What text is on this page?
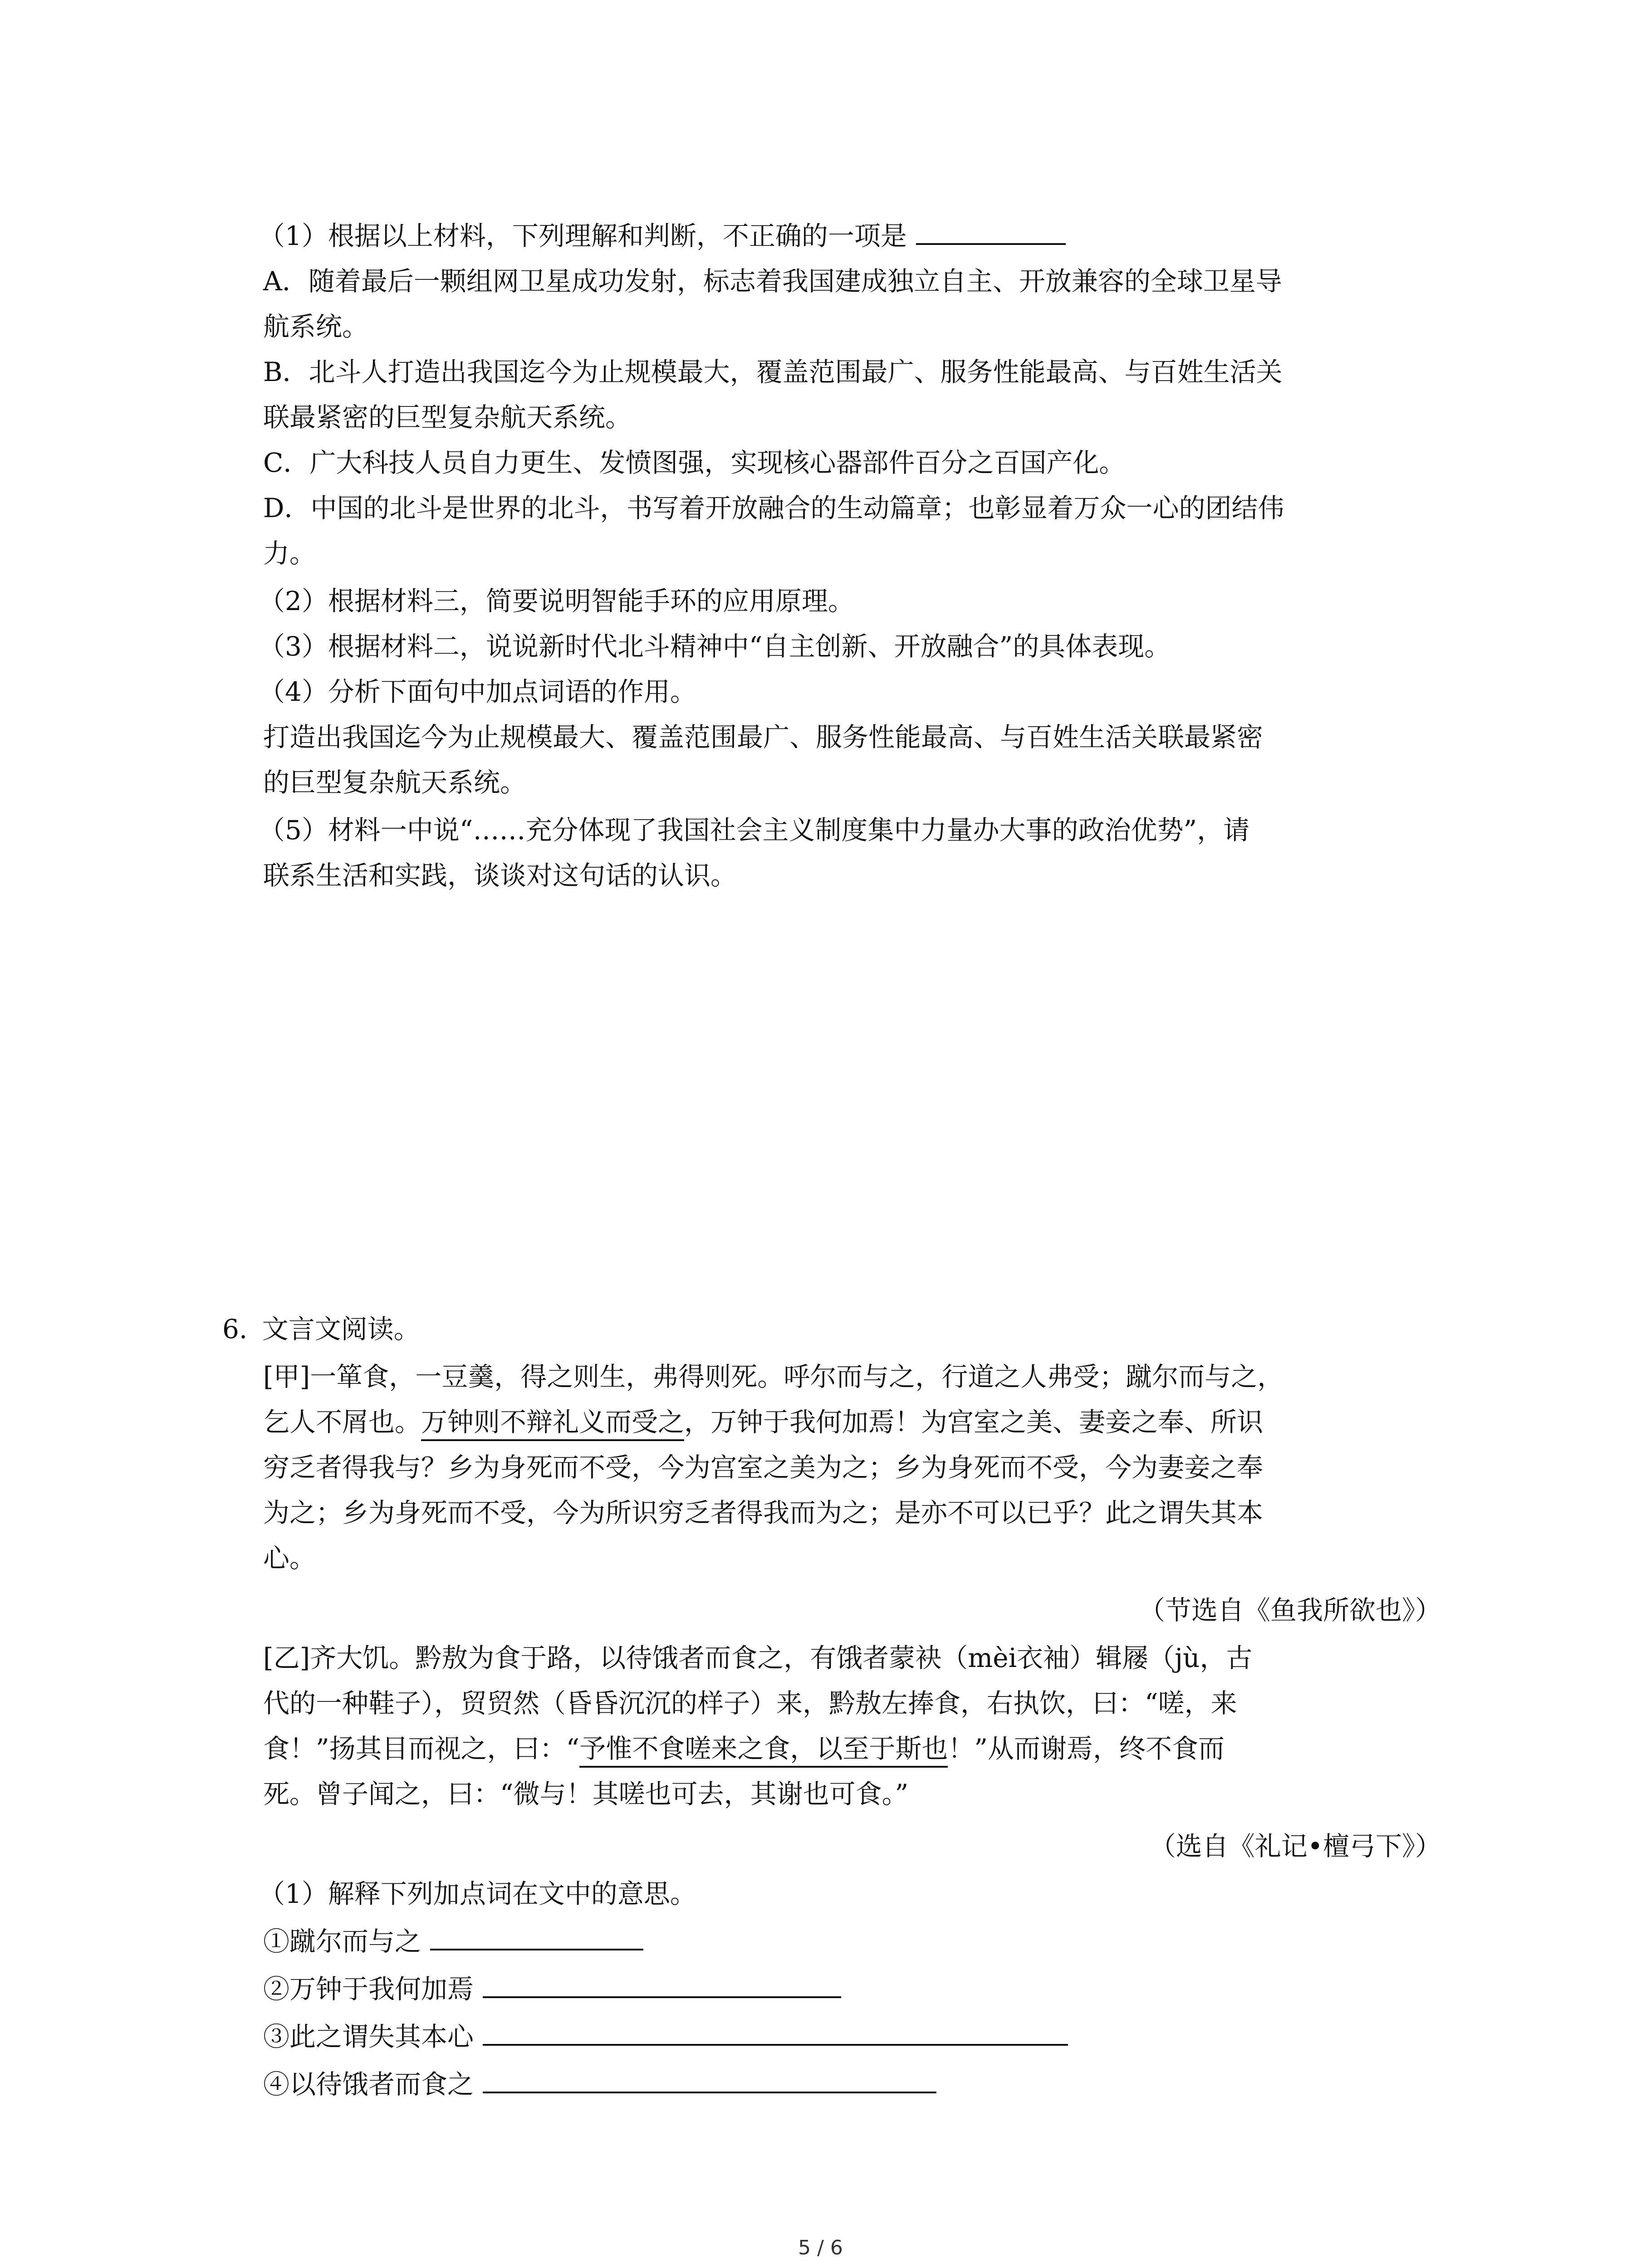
（1）根据以上材料，下列理解和判断，不正确的一项是
A．随着最后一颗组网卫星成功发射，标志着我国建成独立自主、开放兼容的全球卫星导
航系统。
B．北斗人打造出我国迄今为止规模最大，覆盖范围最广、服务性能最高、与百姓生活关
联最紧密的巨型复杂航天系统。
C．广大科技人员自力更生、发愤图强，实现核心器部件百分之百国产化。
D．中国的北斗是世界的北斗，书写着开放融合的生动篇章；也彰显着万众一心的团结伟
力。
（2）根据材料三，简要说明智能手环的应用原理。
（3）根据材料二，说说新时代北斗精神中“自主创新、开放融合”的具体表现。
（4）分析下面句中加点词语的作用。
打造出我国迄今为止规模最大、覆盖范围最广、服务性能最高、与百姓生活关联最紧密
的巨型复杂航天系统。
（5）材料一中说“……充分体现了我国社会主义制度集中力量办大事的政治优势”，请
联系生活和实践，谈谈对这句话的认识。
6. 文言文阅读。
[甲]一箪食，一豆羹，得之则生，弗得则死。呼尔而与之，行道之人弗受；蹴尔而与之，
乞人不屑也。万钟则不辩礼义而受之，万钟于我何加焉！为宫室之美、妻妾之奉、所识
穷乏者得我与？乡为身死而不受，今为宫室之美为之；乡为身死而不受，今为妻妾之奉
为之；乡为身死而不受，今为所识穷乏者得我而为之；是亦不可以已乎？此之谓失其本
心。
（节选自《鱼我所欲也》）
[乙]齐大饥。黔敖为食于路，以待饿者而食之，有饿者蒙袂（mèi衣袖）辑屦（jù，古
代的一种鞋子），贸贸然（昏昏沉沉的样子）来，黔敖左捧食，右执饮，曰：“嗟，来
食！”扬其目而视之，曰：“予惟不食嗟来之食，以至于斯也！”从而谢焉，终不食而
死。曾子闻之，曰：“微与！其嗟也可去，其谢也可食。”
（选自《礼记•檀弓下》）
（1）解释下列加点词在文中的意思。
①蹴尔而与之
②万钟于我何加焉
③此之谓失其本心
④以待饿者而食之
5 / 6
